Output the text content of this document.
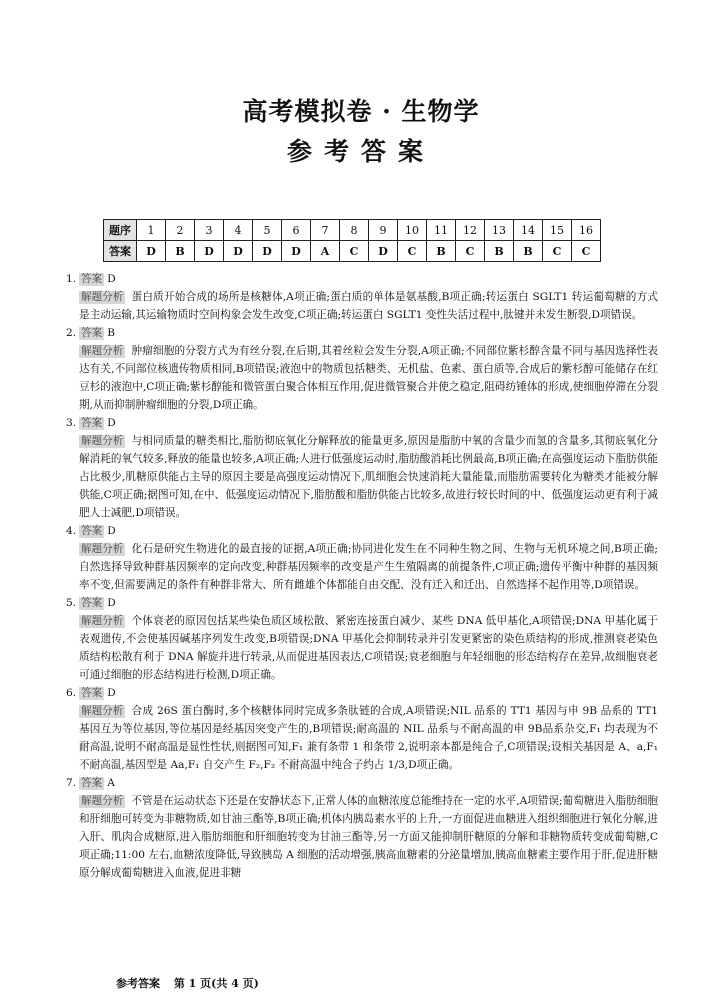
高考模拟卷 · 生物学
参考答案
题序	1	2	3	4	5	6	7	8	9	10	11	12	13	14	15	16
答案	D	B	D	D	D	D	A	C	D	C	B	C	B	B	C	C
1. 答案 D

解题分析 蛋白质开始合成的场所是核糖体,A项正确;蛋白质的单体是氨基酸,B项正确;转运蛋白 SGLT1 转运葡萄糖的方式是主动运输,其运输物质时空间构象会发生改变,C项正确;转运蛋白 SGLT1 变性失活过程中,肽键并未发生断裂,D项错误。

2. 答案 B

解题分析 肿瘤细胞的分裂方式为有丝分裂,在后期,其着丝粒会发生分裂,A项正确;不同部位紫杉醇含量不同与基因选择性表达有关,不同部位核遗传物质相同,B项错误;液泡中的物质包括糖类、无机盐、色素、蛋白质等,合成后的紫杉醇可能储存在红豆杉的液泡中,C项正确;紫杉醇能和微管蛋白聚合体相互作用,促进微管聚合并使之稳定,阻碍纺锤体的形成,使细胞停滞在分裂期,从而抑制肿瘤细胞的分裂,D项正确。

3. 答案 D

解题分析 与相同质量的糖类相比,脂肪彻底氧化分解释放的能量更多,原因是脂肪中氧的含量少而氢的含量多,其彻底氧化分解消耗的氧气较多,释放的能量也较多,A项正确;人进行低强度运动时,脂肪酸消耗比例最高,B项正确;在高强度运动下脂肪供能占比极少,肌糖原供能占主导的原因主要是高强度运动情况下,肌细胞会快速消耗大量能量,而脂肪需要转化为糖类才能被分解供能,C项正确;据图可知,在中、低强度运动情况下,脂肪酸和脂肪供能占比较多,故进行较长时间的中、低强度运动更有利于减肥人士减肥,D项错误。

4. 答案 D

解题分析 化石是研究生物进化的最直接的证据,A项正确;协同进化发生在不同种生物之间、生物与无机环境之间,B项正确;自然选择导致种群基因频率的定向改变,种群基因频率的改变是产生生殖隔离的前提条件,C项正确;遗传平衡中种群的基因频率不变,但需要满足的条件有种群非常大、所有雌雄个体都能自由交配、没有迁入和迁出、自然选择不起作用等,D项错误。

5. 答案 D

解题分析 个体衰老的原因包括某些染色质区域松散、紧密连接蛋白减少、某些 DNA 低甲基化,A项错误;DNA 甲基化属于表观遗传,不会使基因碱基序列发生改变,B项错误;DNA 甲基化会抑制转录并引发更紧密的染色质结构的形成,推测衰老染色质结构松散有利于 DNA 解旋并进行转录,从而促进基因表达,C项错误;衰老细胞与年轻细胞的形态结构存在差异,故细胞衰老可通过细胞的形态结构进行检测,D项正确。

6. 答案 D

解题分析 合成 26S 蛋白酶时,多个核糖体同时完成多条肽链的合成,A项错误;NIL 品系的 TT1 基因与申 9B 品系的 TT1 基因互为等位基因,等位基因是经基因突变产生的,B项错误;耐高温的 NIL 品系与不耐高温的申 9B品系杂交,F₁ 均表现为不耐高温,说明不耐高温是显性性状,则据图可知,F₁ 兼有条带 1 和条带 2,说明亲本都是纯合子,C项错误;设相关基因是 A、a,F₁ 不耐高温,基因型是 Aa,F₁ 自交产生 F₂,F₂ 不耐高温中纯合子约占 1/3,D项正确。

7. 答案 A

解题分析 不管是在运动状态下还是在安静状态下,正常人体的血糖浓度总能维持在一定的水平,A项错误;葡萄糖进入脂肪细胞和肝细胞可转变为非糖物质,如甘油三酯等,B项正确;机体内胰岛素水平的上升,一方面促进血糖进入组织细胞进行氧化分解,进入肝、肌肉合成糖原,进入脂肪细胞和肝细胞转变为甘油三酯等,另一方面又能抑制肝糖原的分解和非糖物质转变成葡萄糖,C项正确;11:00 左右,血糖浓度降低,导致胰岛 A 细胞的活动增强,胰高血糖素的分泌量增加,胰高血糖素主要作用于肝,促进肝糖原分解成葡萄糖进入血液,促进非糖

参考答案 第 1 页(共 4 页)
